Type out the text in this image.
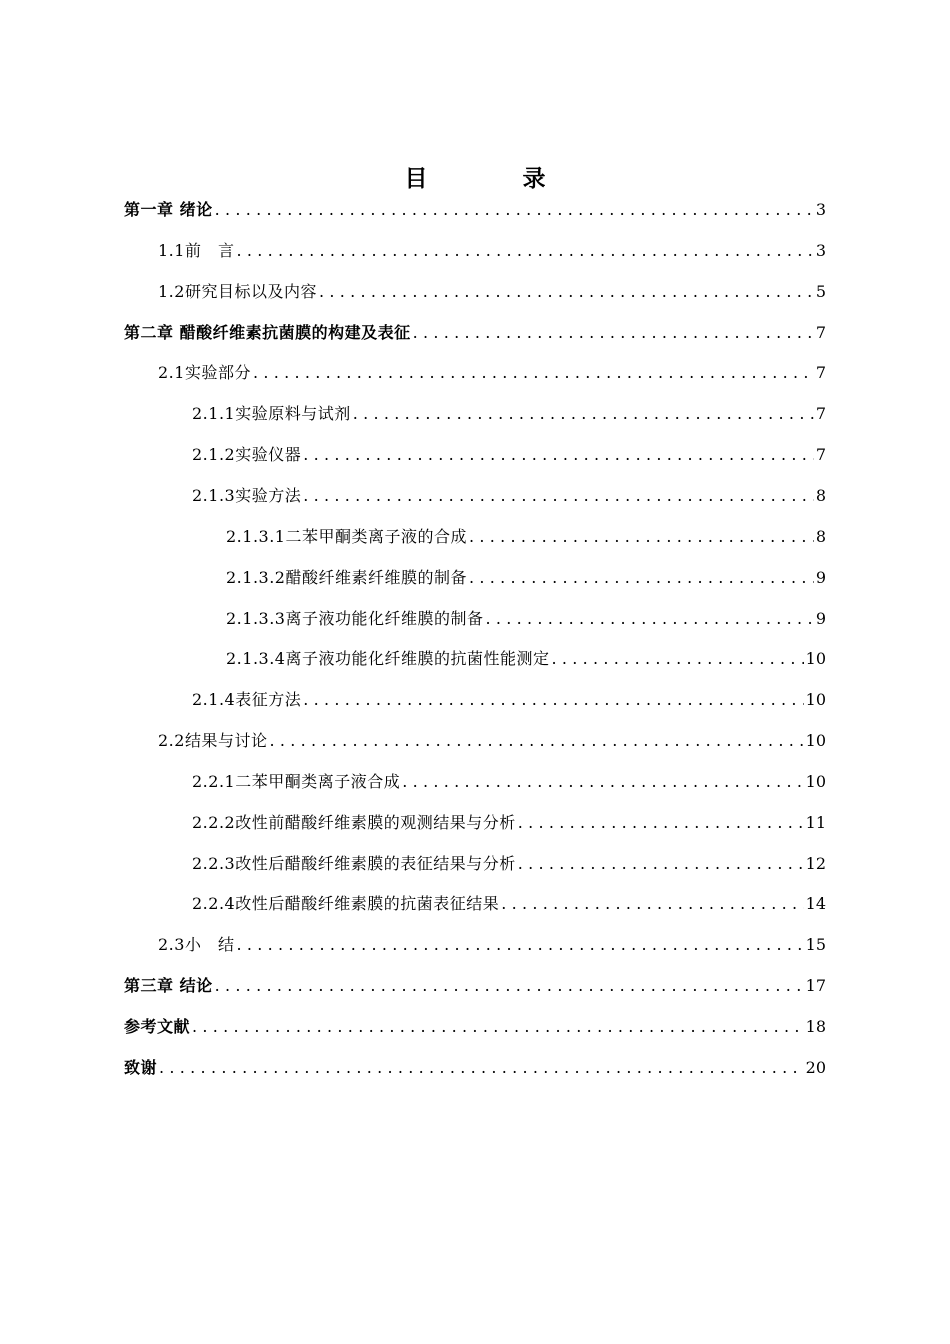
目　录
第一章 绪论 .....	3
1.1前　言 .....	3
1.2研究目标以及内容 .....	5
第二章 醋酸纤维素抗菌膜的构建及表征 .....	7
2.1实验部分 .....	7
2.1.1实验原料与试剂 .....	7
2.1.2实验仪器 .....	7
2.1.3实验方法 .....	8
2.1.3.1二苯甲酮类离子液的合成 .....	8
2.1.3.2醋酸纤维素纤维膜的制备 .....	9
2.1.3.3离子液功能化纤维膜的制备 .....	9
2.1.3.4离子液功能化纤维膜的抗菌性能测定 .....	10
2.1.4表征方法 .....	10
2.2结果与讨论 .....	10
2.2.1二苯甲酮类离子液合成 .....	10
2.2.2改性前醋酸纤维素膜的观测结果与分析 .....	11
2.2.3改性后醋酸纤维素膜的表征结果与分析 .....	12
2.2.4改性后醋酸纤维素膜的抗菌表征结果 .....	14
2.3小　结 .....	15
第三章 结论 .....	17
参考文献 .....	18
致谢 .....	20
